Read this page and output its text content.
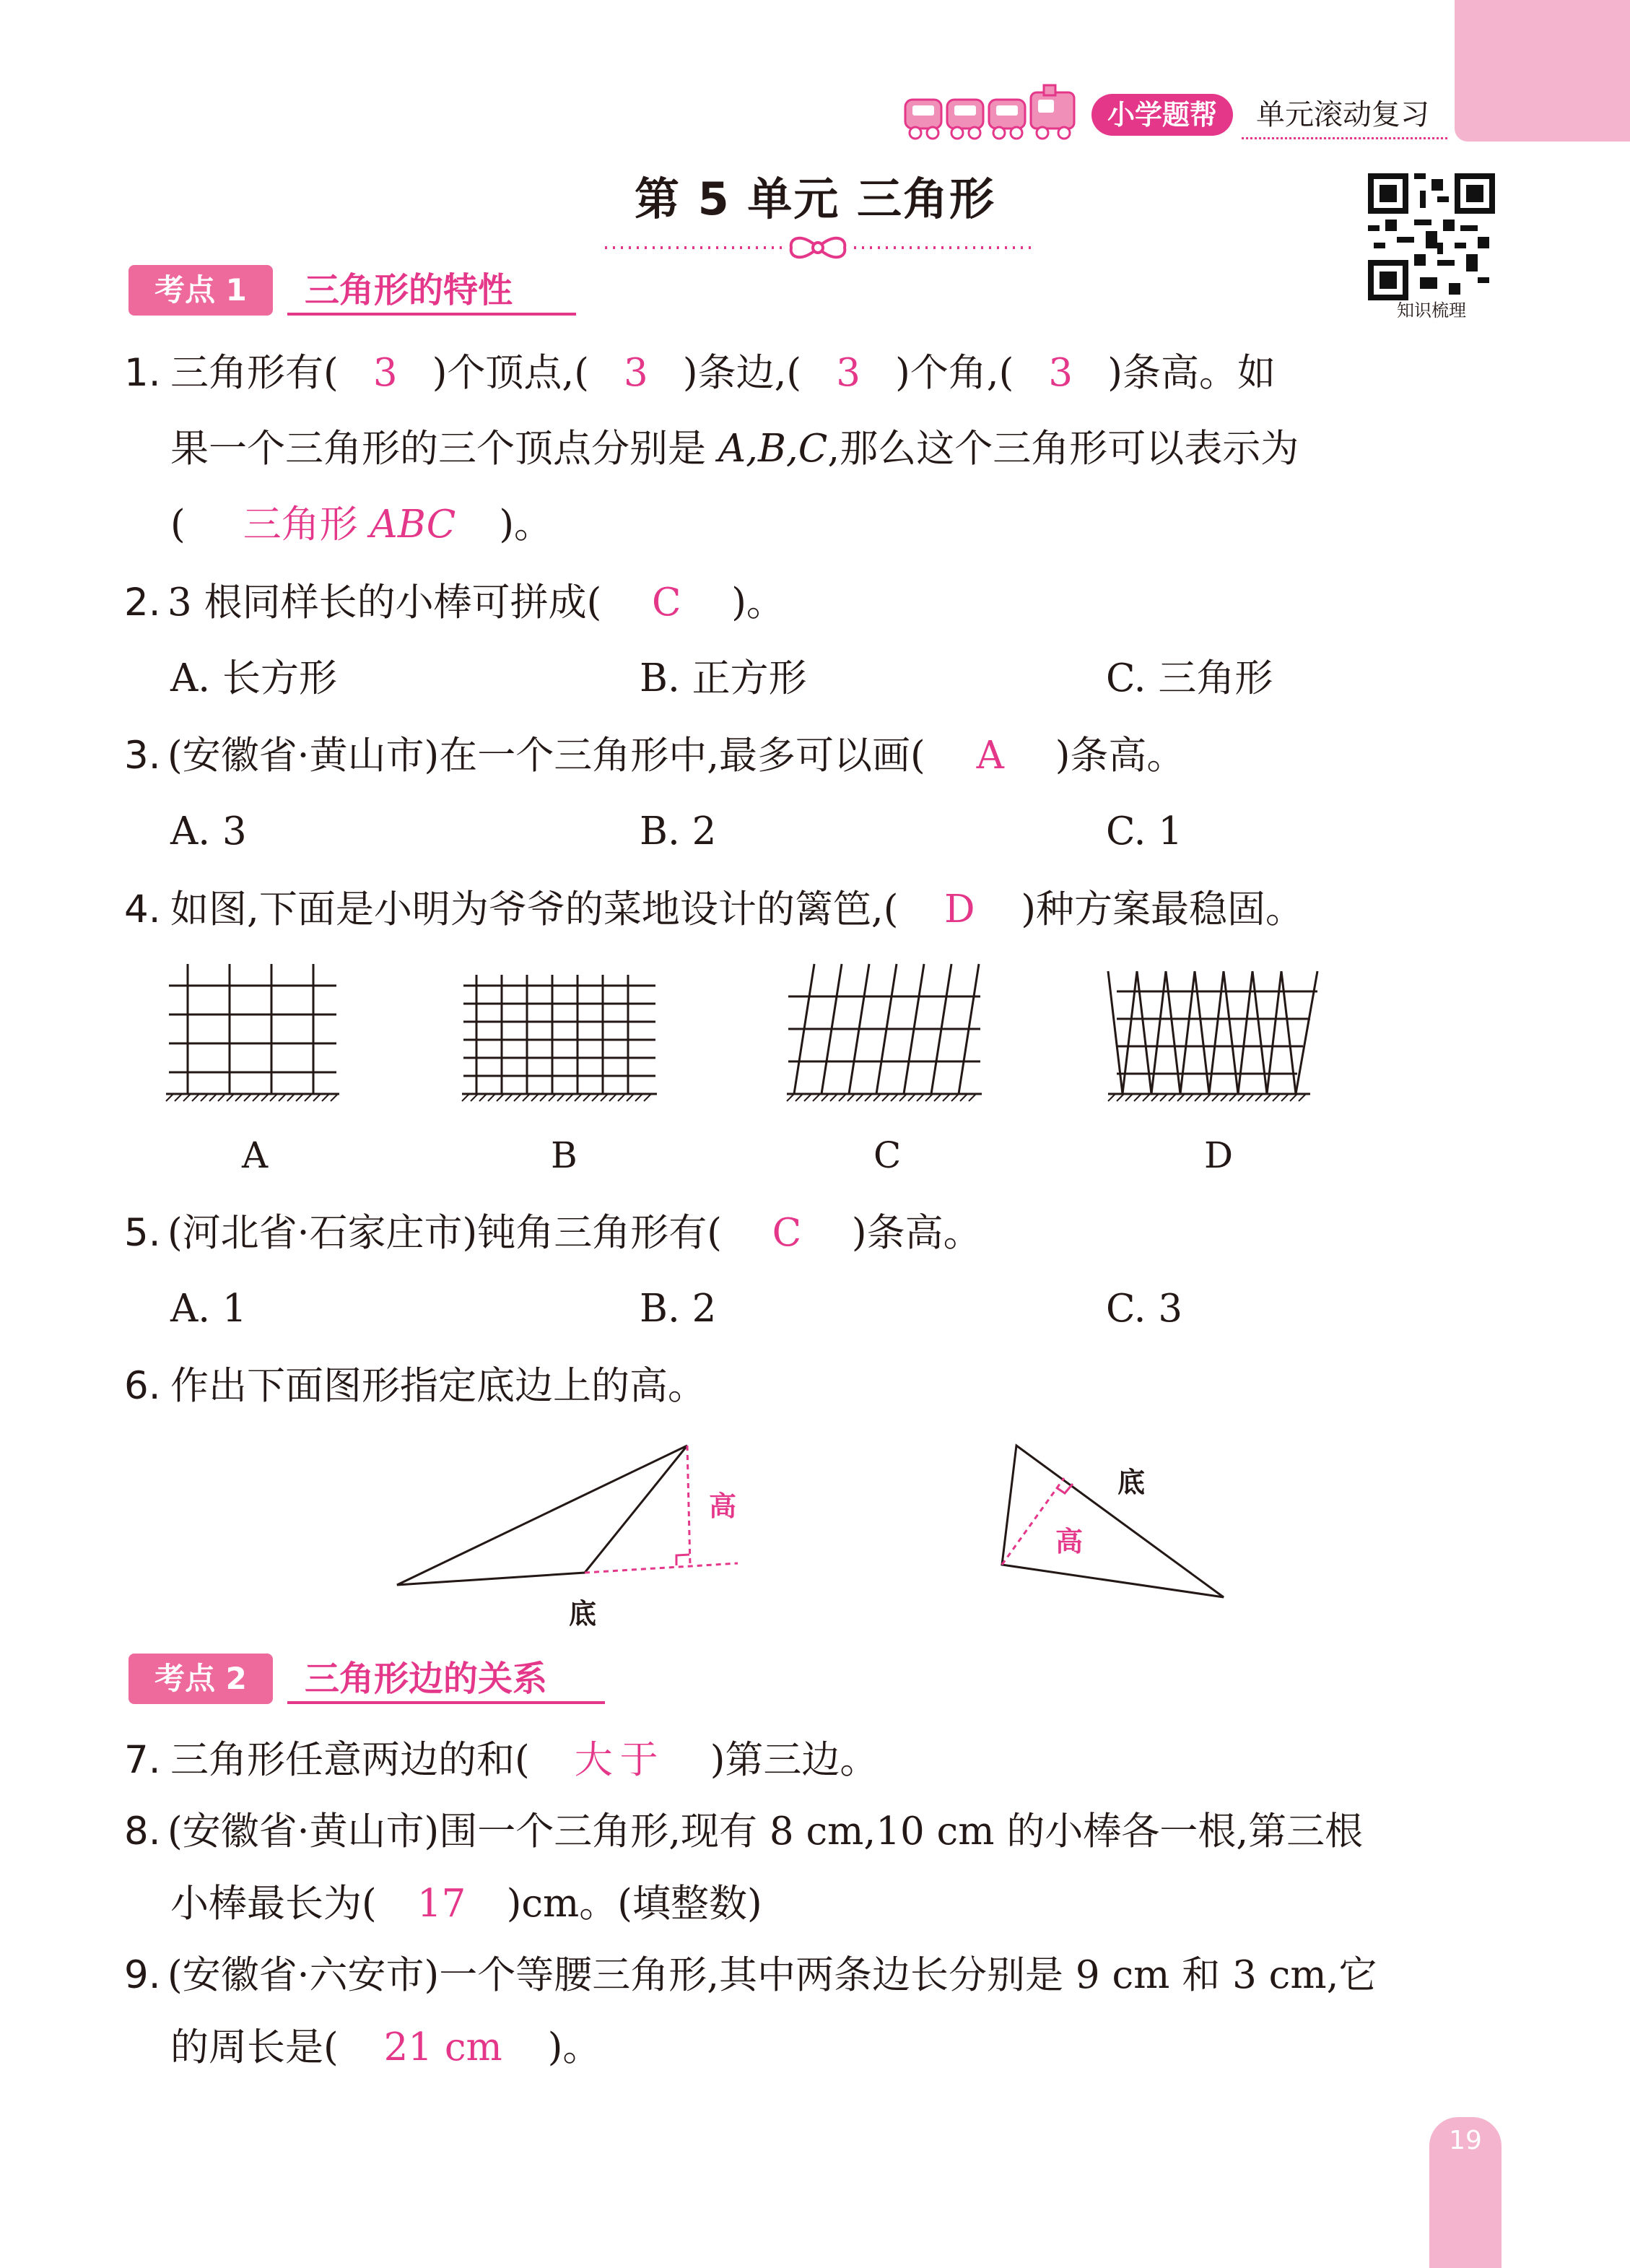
小学题帮	单元滚动复习
第 5 单元 三角形
知识梳理
考点 1	三角形的特性
1. 三角形有( 3 )个顶点,( 3 )条边,( 3 )个角,( 3 )条高。如
果一个三角形的三个顶点分别是 A,B,C,那么这个三角形可以表示为
( 三角形 ABC )。
2. 3 根同样长的小棒可拼成( C )。
A. 长方形	B. 正方形	C. 三角形
3. (安徽省·黄山市)在一个三角形中,最多可以画( A )条高。
A. 3	B. 2	C. 1
4. 如图,下面是小明为爷爷的菜地设计的篱笆,( D )种方案最稳固。
A	B	C	D
5. (河北省·石家庄市)钝角三角形有( C )条高。
A. 1	B. 2	C. 3
6. 作出下面图形指定底边上的高。
高
底
底
高
考点 2	三角形边的关系
7. 三角形任意两边的和( 大于 )第三边。
8. (安徽省·黄山市)围一个三角形,现有 8 cm,10 cm 的小棒各一根,第三根
小棒最长为( 17 )cm。(填整数)
9. (安徽省·六安市)一个等腰三角形,其中两条边长分别是 9 cm 和 3 cm,它
的周长是( 21 cm )。
19
